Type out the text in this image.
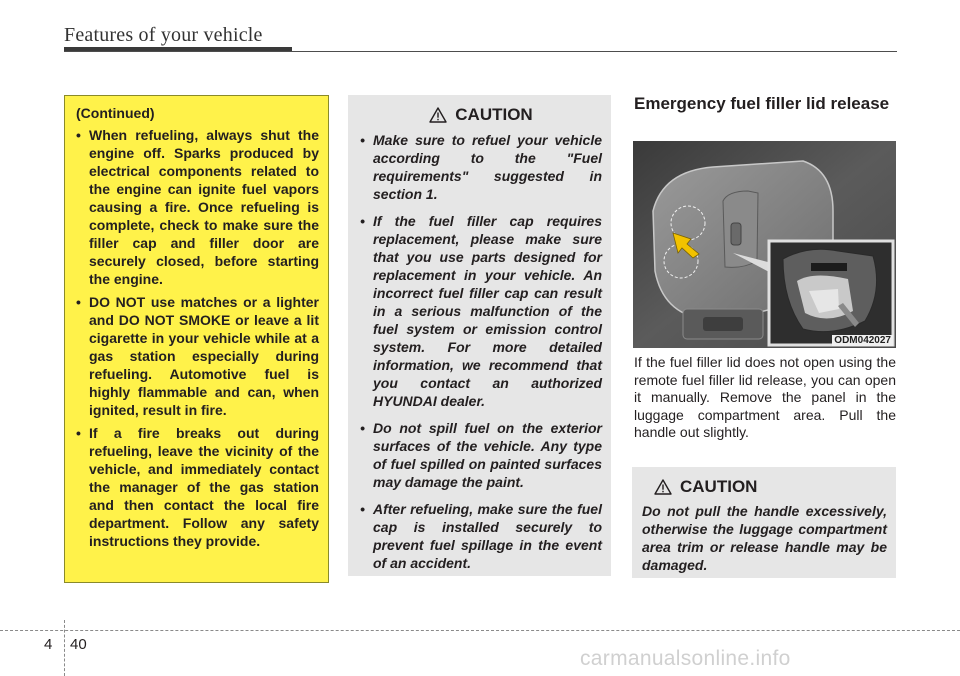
Features of your vehicle

(Continued)

• When refueling, always shut the engine off. Sparks produced by electrical components related to the engine can ignite fuel vapors causing a fire. Once refueling is complete, check to make sure the filler cap and filler door are securely closed, before starting the engine.
• DO NOT use matches or a lighter and DO NOT SMOKE or leave a lit cigarette in your vehicle while at a gas station especially during refueling. Automotive fuel is highly flammable and can, when ignited, result in fire.
• If a fire breaks out during refueling, leave the vicinity of the vehicle, and immediately contact the manager of the gas station and then contact the local fire department. Follow any safety instructions they provide.
CAUTION
• Make sure to refuel your vehicle according to the "Fuel requirements" suggested in section 1.
• If the fuel filler cap requires replacement, please make sure that you use parts designed for replacement in your vehicle. An incorrect fuel filler cap can result in a serious malfunction of the fuel system or emission control system. For more detailed information, we recommend that you contact an authorized HYUNDAI dealer.
• Do not spill fuel on the exterior surfaces of the vehicle. Any type of fuel spilled on painted surfaces may damage the paint.
• After refueling, make sure the fuel cap is installed securely to prevent fuel spillage in the event of an accident.
Emergency fuel filler lid release
ODM042027

If the fuel filler lid does not open using the remote fuel filler lid release, you can open it manually. Remove the panel in the luggage compartment area. Pull the handle out slightly.

CAUTION

Do not pull the handle excessively, otherwise the luggage compartment area trim or release handle may be damaged.

4 40
carmanualsonline.info
